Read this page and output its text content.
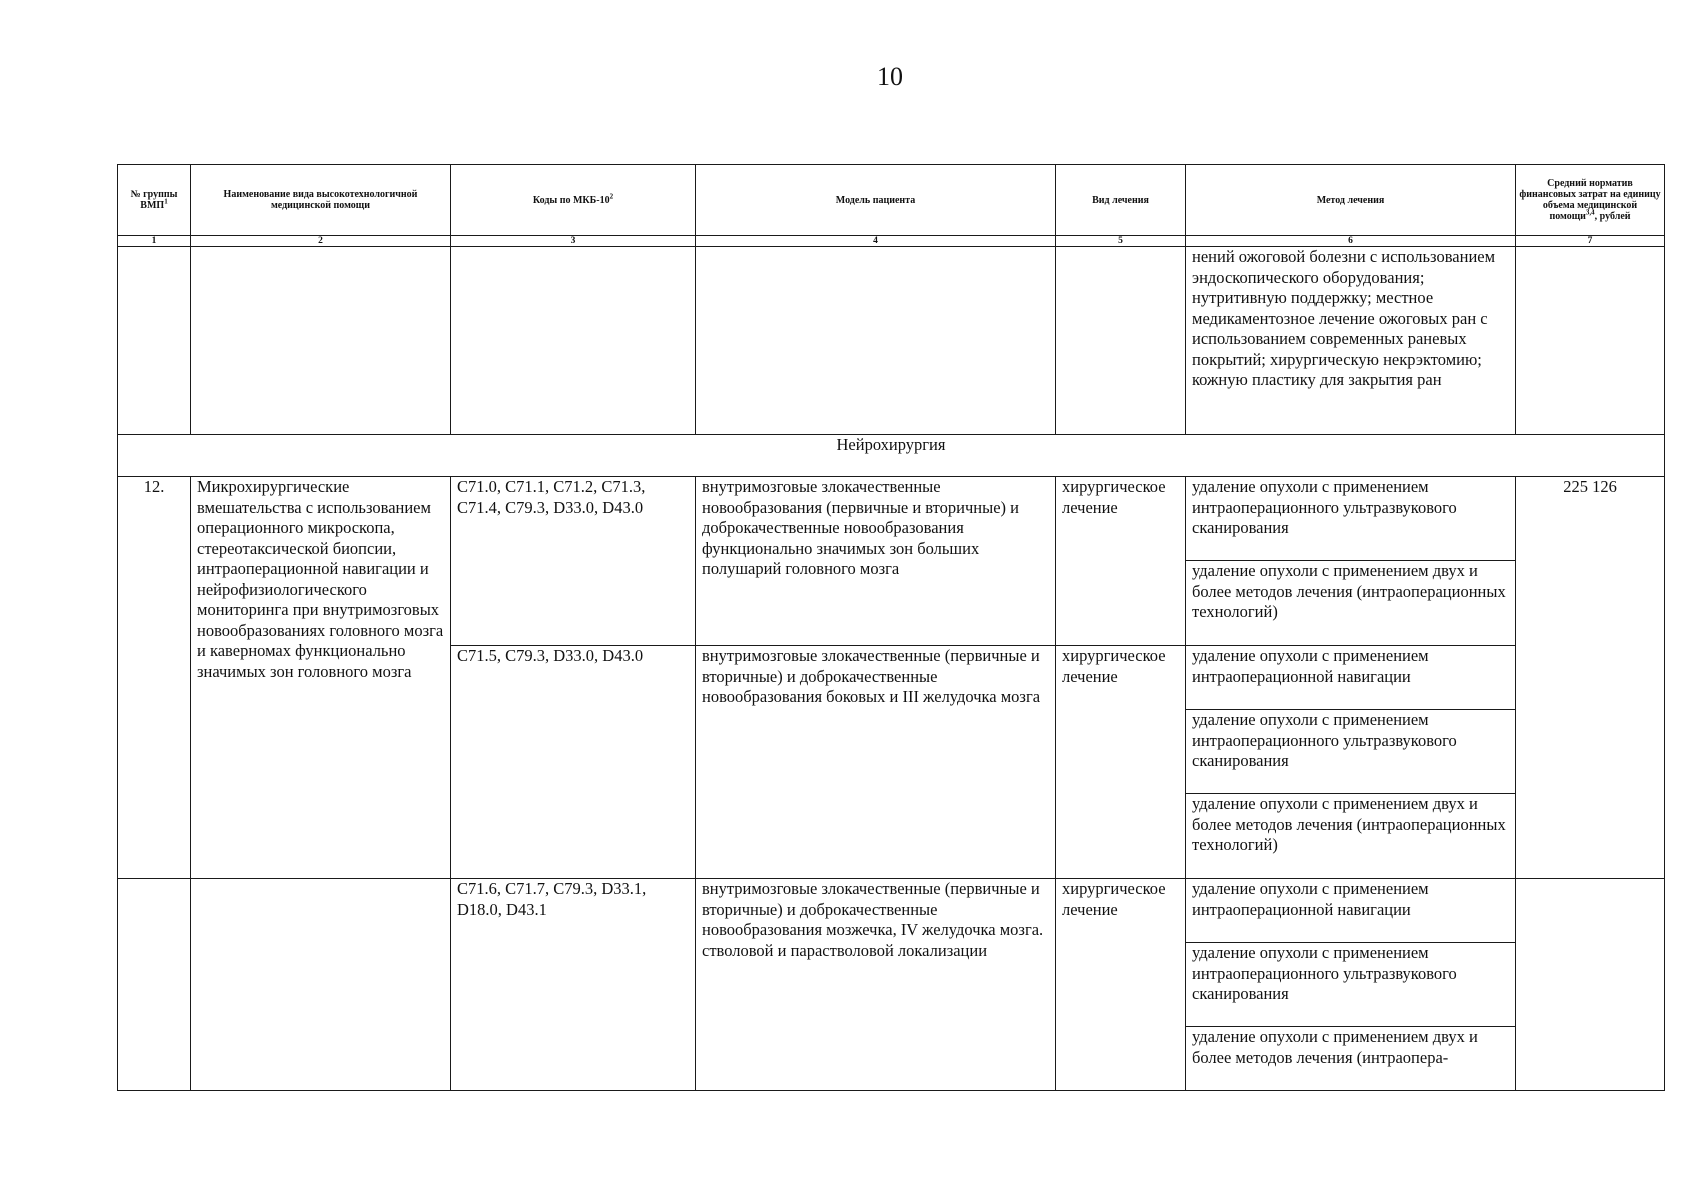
10
№ группы ВМП$^1$	Наименование вида высокотехнологичной медицинской помощи	Коды по МКБ-$10^2$	Модель пациента	Вид лечения	Метод лечения	Средний норматив финансовых затрат на единицу объема медицинской помощи$^{3,4}$, рублей
1	2	3	4	5	6	7
					нений ожоговой болезни с использованием эндоскопического оборудования; нутритивную поддержку; местное медикаментозное лечение ожоговых ран с использованием современных раневых покрытий; хирургическую некрэктомию; кожную пластику для закрытия ран	
Нейрохирургия						
12.	Микрохирургические вмешательства с использованием операционного микроскопа, стереотаксической биопсии, интраоперационной навигации и нейрофизиологического мониторинга при внутримозговых новообразованиях головного мозга и каверномах функционально значимых зон головного мозга	C71.0, C71.1, C71.2, C71.3, C71.4, C79.3, D33.0, D43.0	внутримозговые злокачественные новообразования (первичные и вторичные) и доброкачественные новообразования функционально значимых зон больших полушарий головного мозга	хирургическое лечение	удаление опухоли с применением интраоперационного ультразвукового сканирования	225 126
					удаление опухоли с применением двух и более методов лечения (интраоперационных технологий)	
		C71.5, C79.3, D33.0, D43.0	внутримозговые злокачественные (первичные и вторичные) и доброкачественные новообразования боковых и III желудочка мозга	хирургическое лечение	удаление опухоли с применением интраоперационной навигации	
					удаление опухоли с применением интраоперационного ультразвукового сканирования	
					удаление опухоли с применением двух и более методов лечения (интраоперационных технологий)	
		C71.6, C71.7, C79.3, D33.1, D18.0, D43.1	внутримозговые злокачественные (первичные и вторичные) и доброкачественные новообразования мозжечка, IV желудочка мозга. стволовой и парастволовой локализации	хирургическое лечение	удаление опухоли с применением интраоперационной навигации	
					удаление опухоли с применением интраоперационного ультразвукового сканирования	
					удаление опухоли с применением двух и более методов лечения (интраопера-	
